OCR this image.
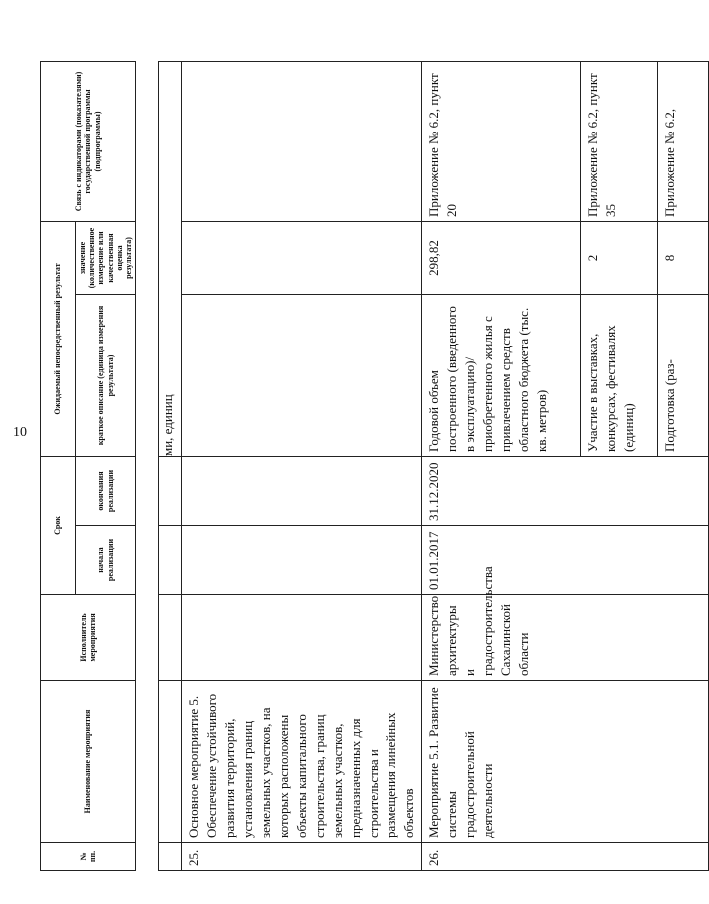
10
№ пп.	Наименование мероприятия	Исполнитель мероприятия	Срок		Ожидаемый непосредственный результат		Связь с индикаторами (показателями) государственной программы (подпрограммы)
			начала реализации	окончания реализации	краткое описание (единица измерения результата)	значение (количественное измерение или качественная оценка результата)	

					ми, единиц		
25.	Основное мероприятие 5. Обеспечение устойчивого развития территорий, установления границ земельных участков, на которых расположены объекты капитального строительства, границ земельных участков, предназначенных для строительства и размещения линейных объектов						
26.	Мероприятие 5.1. Развитие системы градостроительной деятельности	Министерство архитектуры и градостроительства Сахалинской области	01.01.2017	31.12.2020	Годовой объем построенного (введенного в эксплуатацию)/ приобретенного жилья с привлечением средств областного бюджета (тыс. кв. метров)	298,82	Приложение № 6.2, пункт 20
					Участие в выставках, конкурсах, фестивалях (единиц)	2	Приложение № 6.2, пункт 35
					Подготовка (раз-	8	Приложение № 6.2,
